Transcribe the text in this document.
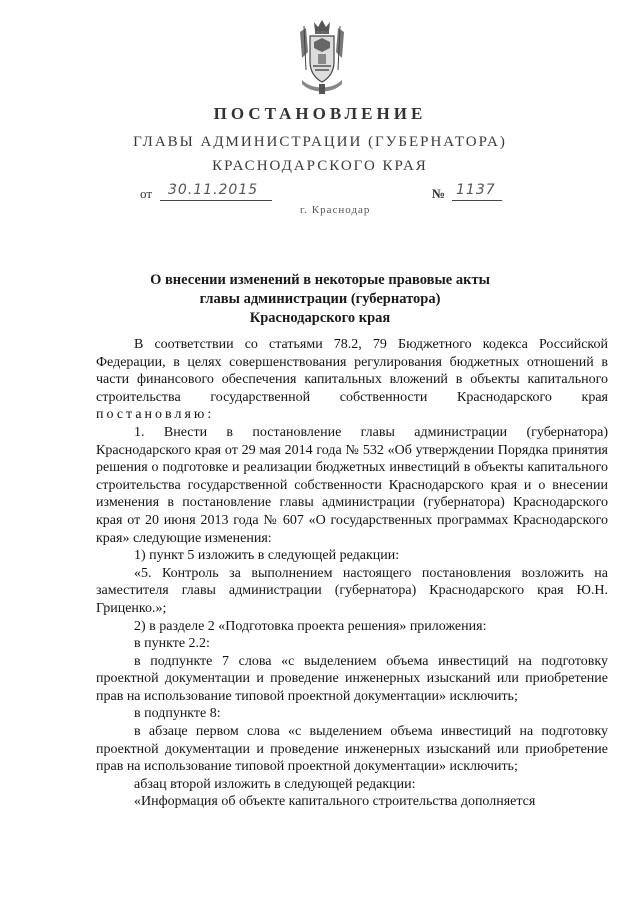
ПОСТАНОВЛЕНИЕ
ГЛАВЫ АДМИНИСТРАЦИИ (ГУБЕРНАТОРА)
КРАСНОДАРСКОГО КРАЯ
от 30.11.2015	№ 1137
г. Краснодар
О внесении изменений в некоторые правовые акты главы администрации (губернатора) Краснодарского края

В соответствии со статьями 78.2, 79 Бюджетного кодекса Российской Федерации, в целях совершенствования регулирования бюджетных отношений в части финансового обеспечения капитальных вложений в объекты капитального строительства государственной собственности Краснодарского края постановляю:

1. Внести в постановление главы администрации (губернатора) Краснодарского края от 29 мая 2014 года № 532 «Об утверждении Порядка принятия решения о подготовке и реализации бюджетных инвестиций в объекты капитального строительства государственной собственности Краснодарского края и о внесении изменения в постановление главы администрации (губернатора) Краснодарского края от 20 июня 2013 года № 607 «О государственных программах Краснодарского края» следующие изменения:

1) пункт 5 изложить в следующей редакции:

«5. Контроль за выполнением настоящего постановления возложить на заместителя главы администрации (губернатора) Краснодарского края Ю.Н. Гриценко.»;

2) в разделе 2 «Подготовка проекта решения» приложения:

в пункте 2.2:

в подпункте 7 слова «с выделением объема инвестиций на подготовку проектной документации и проведение инженерных изысканий или приобретение прав на использование типовой проектной документации» исключить;

в подпункте 8:

в абзаце первом слова «с выделением объема инвестиций на подготовку проектной документации и проведение инженерных изысканий или приобретение прав на использование типовой проектной документации» исключить;

абзац второй изложить в следующей редакции:

«Информация об объекте капитального строительства дополняется
